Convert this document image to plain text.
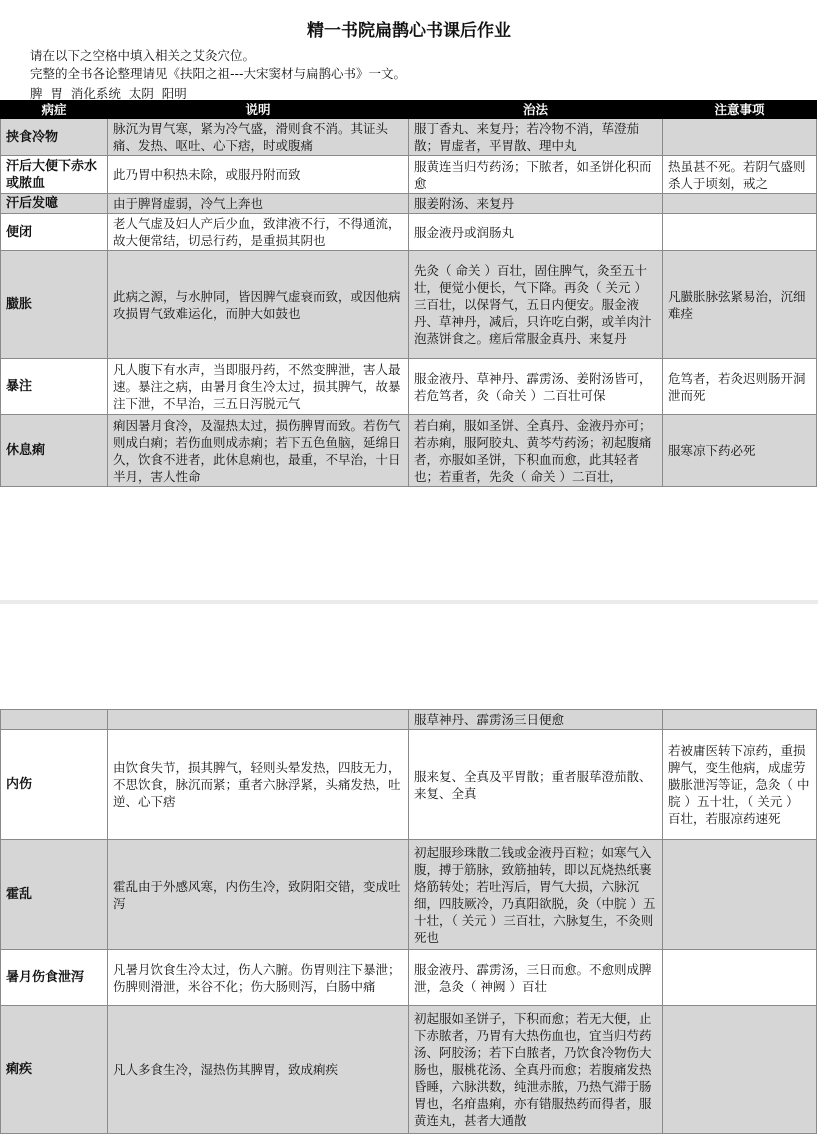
精一书院扁鹊心书课后作业
请在以下之空格中填入相关之艾灸穴位。
完整的全书各论整理请见《扶阳之祖---大宋窦材与扁鹊心书》一文。
脾  胃  消化系统  太阴  阳明
病症	说明	治法	注意事项
挟食冷物	脉沉为胃气寒，紧为冷气盛，滑则食不消。其证头痛、发热、呕吐、心下痞，时或腹痛	服丁香丸、来复丹；若冷物不消，荜澄茄散；胃虚者，平胃散、理中丸	
汗后大便下赤水或脓血	此乃胃中积热未除，或服丹附而致	服黄连当归芍药汤；下脓者，如圣饼化积而愈	热虽甚不死。若阴气盛则杀人于顷刻，戒之
汗后发噫	由于脾肾虚弱，冷气上奔也	服姜附汤、来复丹	
便闭	老人气虚及妇人产后少血，致津液不行，不得通流，故大便常结，切忌行药，是重损其阴也	服金液丹或润肠丸	
臌胀	此病之源，与水肿同，皆因脾气虚衰而致，或因他病攻损胃气致难运化，而肿大如鼓也	先灸（ 命关 ）百壮，固住脾气，灸至五十壮，便觉小便长，气下降。再灸（ 关元 ）三百壮，以保肾气，五日内便安。服金液丹、草神丹，减后，只许吃白粥，或羊肉汁泡蒸饼食之。瘥后常服金真丹、来复丹	凡臌胀脉弦紧易治，沉细难痊
暴注	凡人腹下有水声，当即服丹药，不然变脾泄，害人最速。暴注之病，由暑月食生冷太过，损其脾气，故暴注下泄，不早治，三五日泻脱元气	服金液丹、草神丹、霹雳汤、姜附汤皆可，若危笃者，灸（命关 ）二百壮可保	危笃者，若灸迟则肠开洞泄而死
休息痢	痢因暑月食冷，及湿热太过，损伤脾胃而致。若伤气则成白痢；若伤血则成赤痢；若下五色鱼脑，延绵日久，饮食不进者，此休息痢也，最重，不早治，十日半月，害人性命	若白痢，服如圣饼、全真丹、金液丹亦可；若赤痢，服阿胶丸、黄芩芍药汤；初起腹痛者，亦服如圣饼，下积血而愈，此其轻者也；若重者，先灸（ 命关 ）二百壮，	服寒凉下药必死
		服草神丹、霹雳汤三日便愈	
内伤	由饮食失节，损其脾气，轻则头晕发热，四肢无力，不思饮食，脉沉而紧；重者六脉浮紧，头痛发热，吐逆、心下痞	服来复、全真及平胃散；重者服荜澄茄散、来复、全真	若被庸医转下凉药，重损脾气，变生他病，成虚劳臌胀泄泻等证，急灸（ 中脘 ）五十壮，（ 关元 ）百壮，若服凉药速死
霍乱	霍乱由于外感风寒，内伤生冷，致阴阳交错，变成吐泻	初起服珍珠散二钱或金液丹百粒；如寒气入腹，搏于筋脉，致筋抽转，即以瓦烧热纸裹烙筋转处；若吐泻后，胃气大损，六脉沉细，四肢厥冷，乃真阳欲脱，灸（中脘 ）五十壮，（ 关元 ）三百壮，六脉复生，不灸则死也	
暑月伤食泄泻	凡暑月饮食生冷太过，伤人六腑。伤胃则注下暴泄；伤脾则滑泄，米谷不化；伤大肠则泻，白肠中痛	服金液丹、霹雳汤，三日而愈。不愈则成脾泄，急灸（ 神阙 ）百壮	
痢疾	凡人多食生冷，湿热伤其脾胃，致成痢疾	初起服如圣饼子，下积而愈；若无大便，止下赤脓者，乃胃有大热伤血也，宜当归芍药汤、阿胶汤；若下白脓者，乃饮食冷物伤大肠也，服桃花汤、全真丹而愈；若腹痛发热昏睡，六脉洪数，纯泄赤脓，乃热气滞于肠胃也，名疳蛊痢，亦有错服热药而得者，服黄连丸，甚者大通散	
